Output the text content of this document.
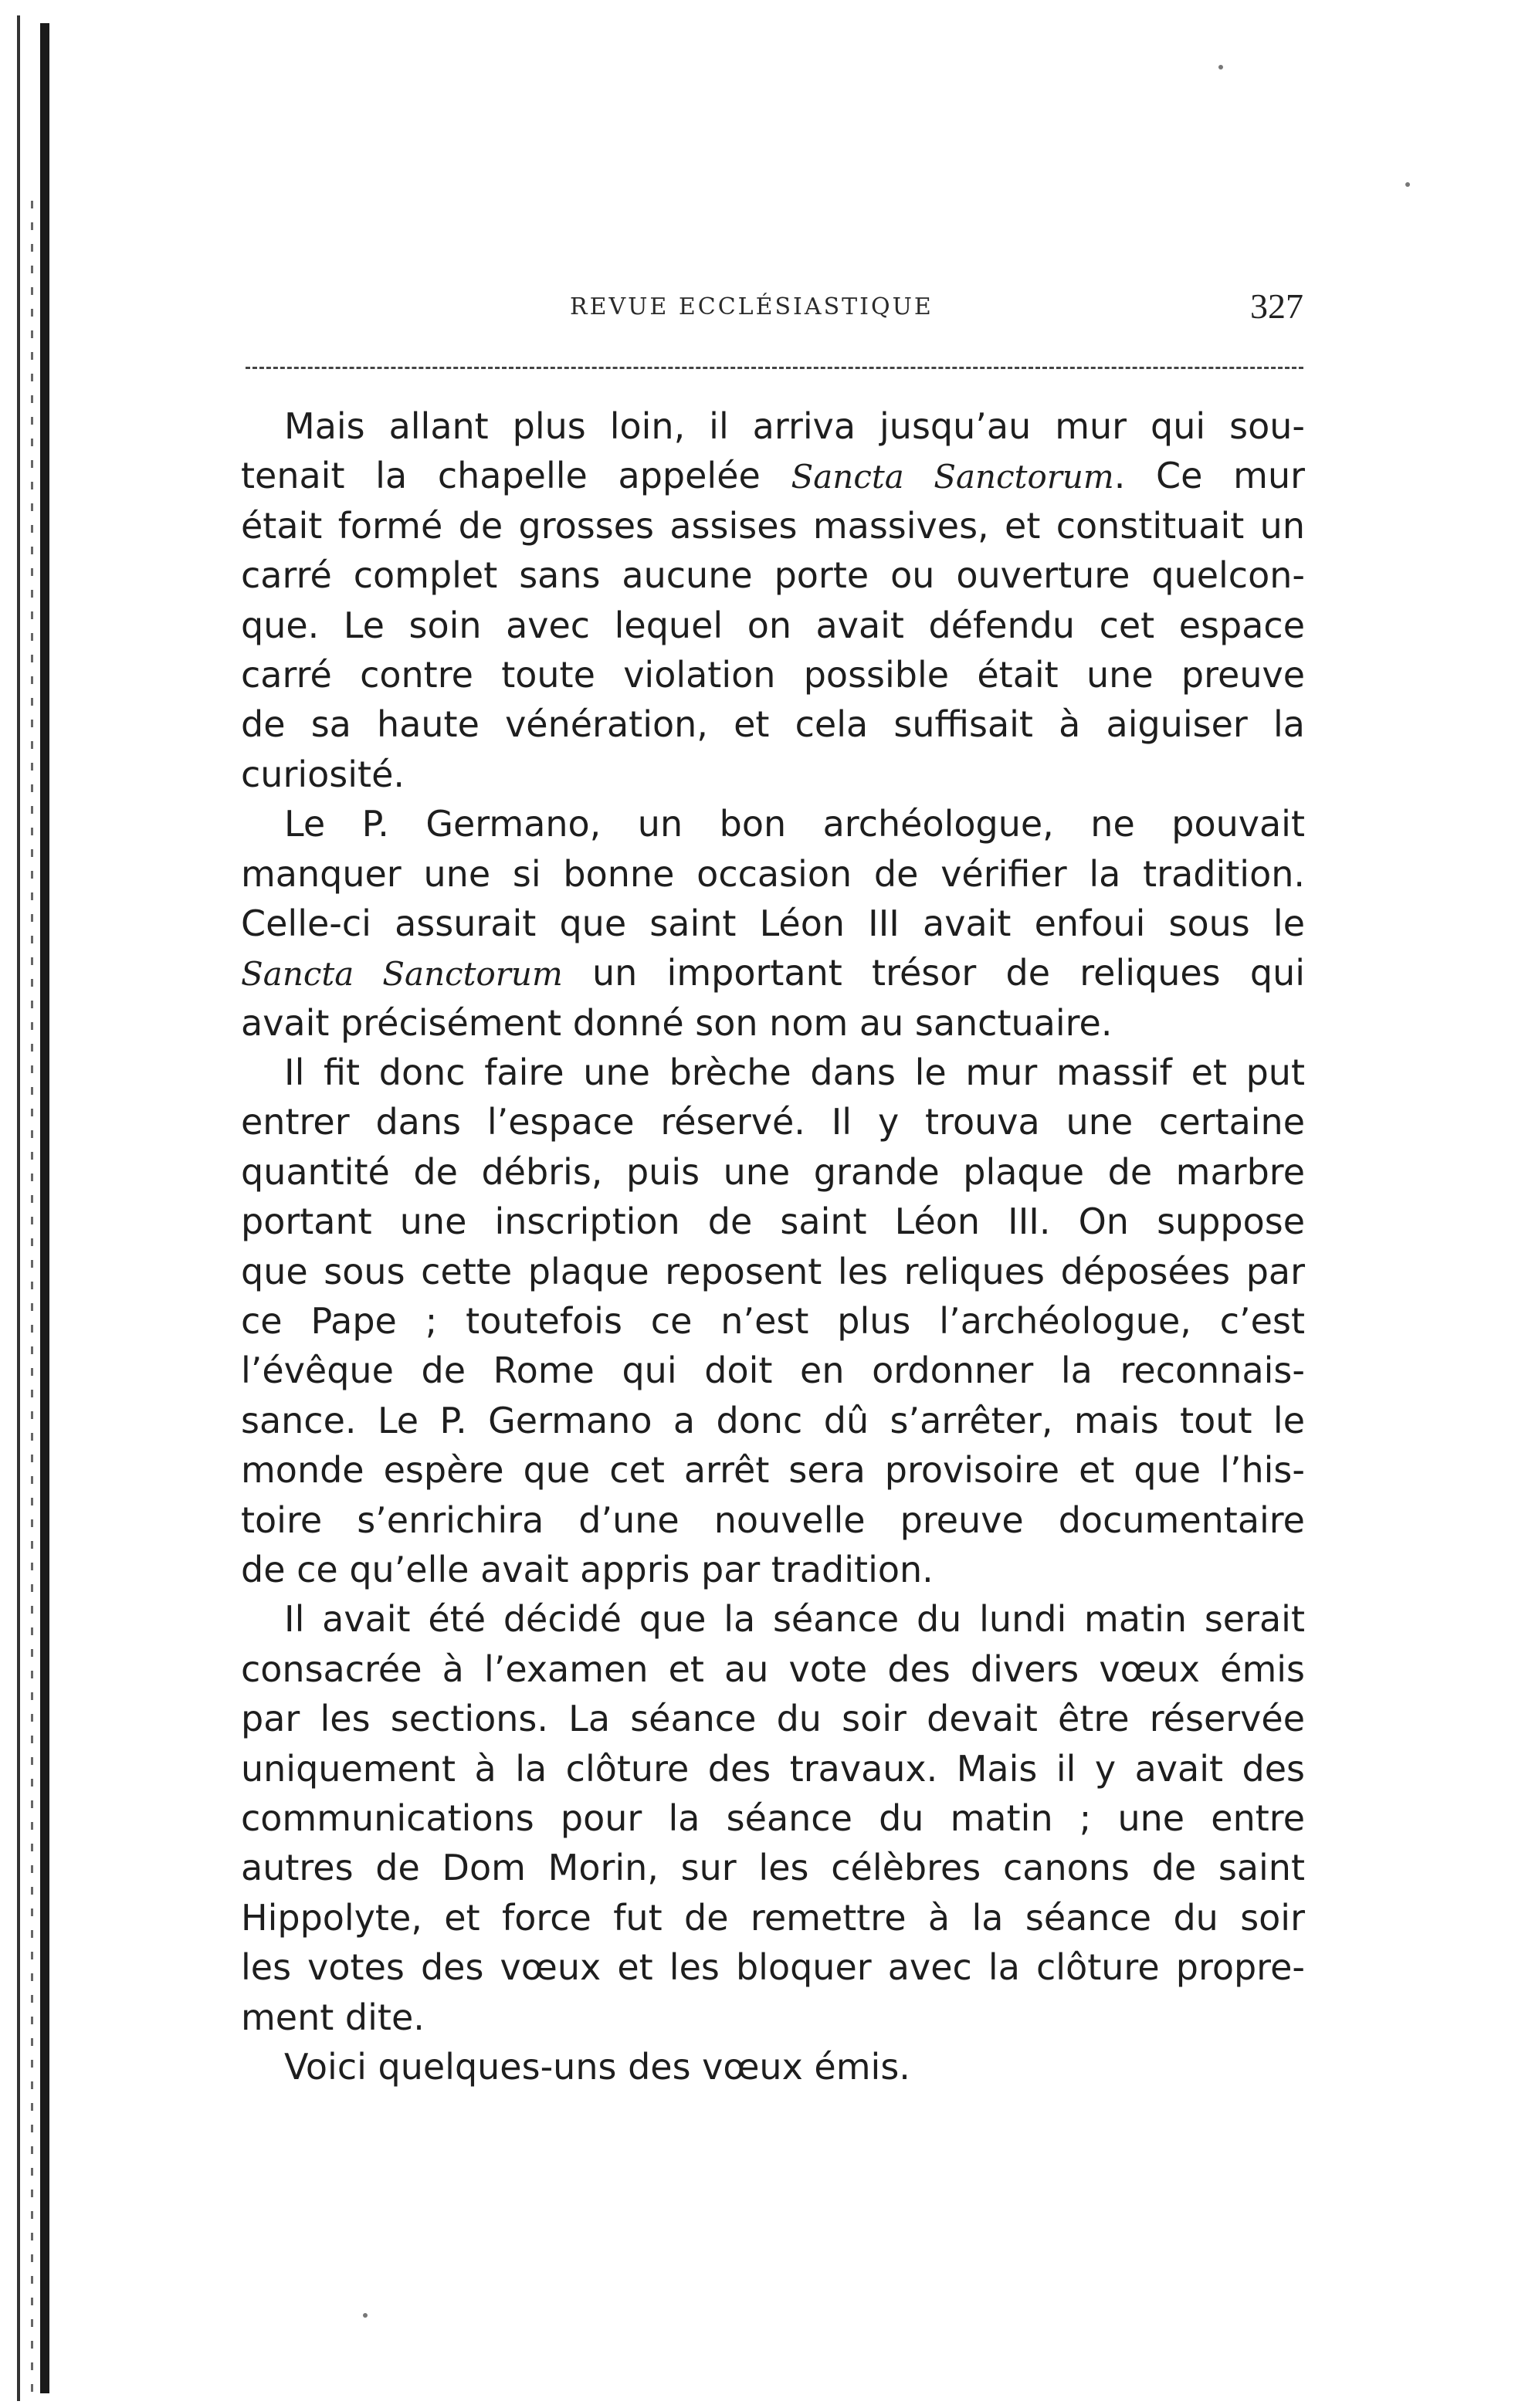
REVUE ECCLÉSIASTIQUE	327
Mais allant plus loin, il arriva jusqu’au mur qui sou-
tenait la chapelle appelée Sancta Sanctorum. Ce mur
était formé de grosses assises massives, et constituait un
carré complet sans aucune porte ou ouverture quelcon-
que. Le soin avec lequel on avait défendu cet espace
carré contre toute violation possible était une preuve
de sa haute vénération, et cela suffisait à aiguiser la
curiosité.
Le P. Germano, un bon archéologue, ne pouvait
manquer une si bonne occasion de vérifier la tradition.
Celle-ci assurait que saint Léon III avait enfoui sous le
Sancta Sanctorum un important trésor de reliques qui
avait précisément donné son nom au sanctuaire.
Il fit donc faire une brèche dans le mur massif et put
entrer dans l’espace réservé. Il y trouva une certaine
quantité de débris, puis une grande plaque de marbre
portant une inscription de saint Léon III. On suppose
que sous cette plaque reposent les reliques déposées par
ce Pape ; toutefois ce n’est plus l’archéologue, c’est
l’évêque de Rome qui doit en ordonner la reconnais-
sance. Le P. Germano a donc dû s’arrêter, mais tout le
monde espère que cet arrêt sera provisoire et que l’his-
toire s’enrichira d’une nouvelle preuve documentaire
de ce qu’elle avait appris par tradition.
Il avait été décidé que la séance du lundi matin serait
consacrée à l’examen et au vote des divers vœux émis
par les sections. La séance du soir devait être réservée
uniquement à la clôture des travaux. Mais il y avait des
communications pour la séance du matin ; une entre
autres de Dom Morin, sur les célèbres canons de saint
Hippolyte, et force fut de remettre à la séance du soir
les votes des vœux et les bloquer avec la clôture propre-
ment dite.
Voici quelques-uns des vœux émis.
